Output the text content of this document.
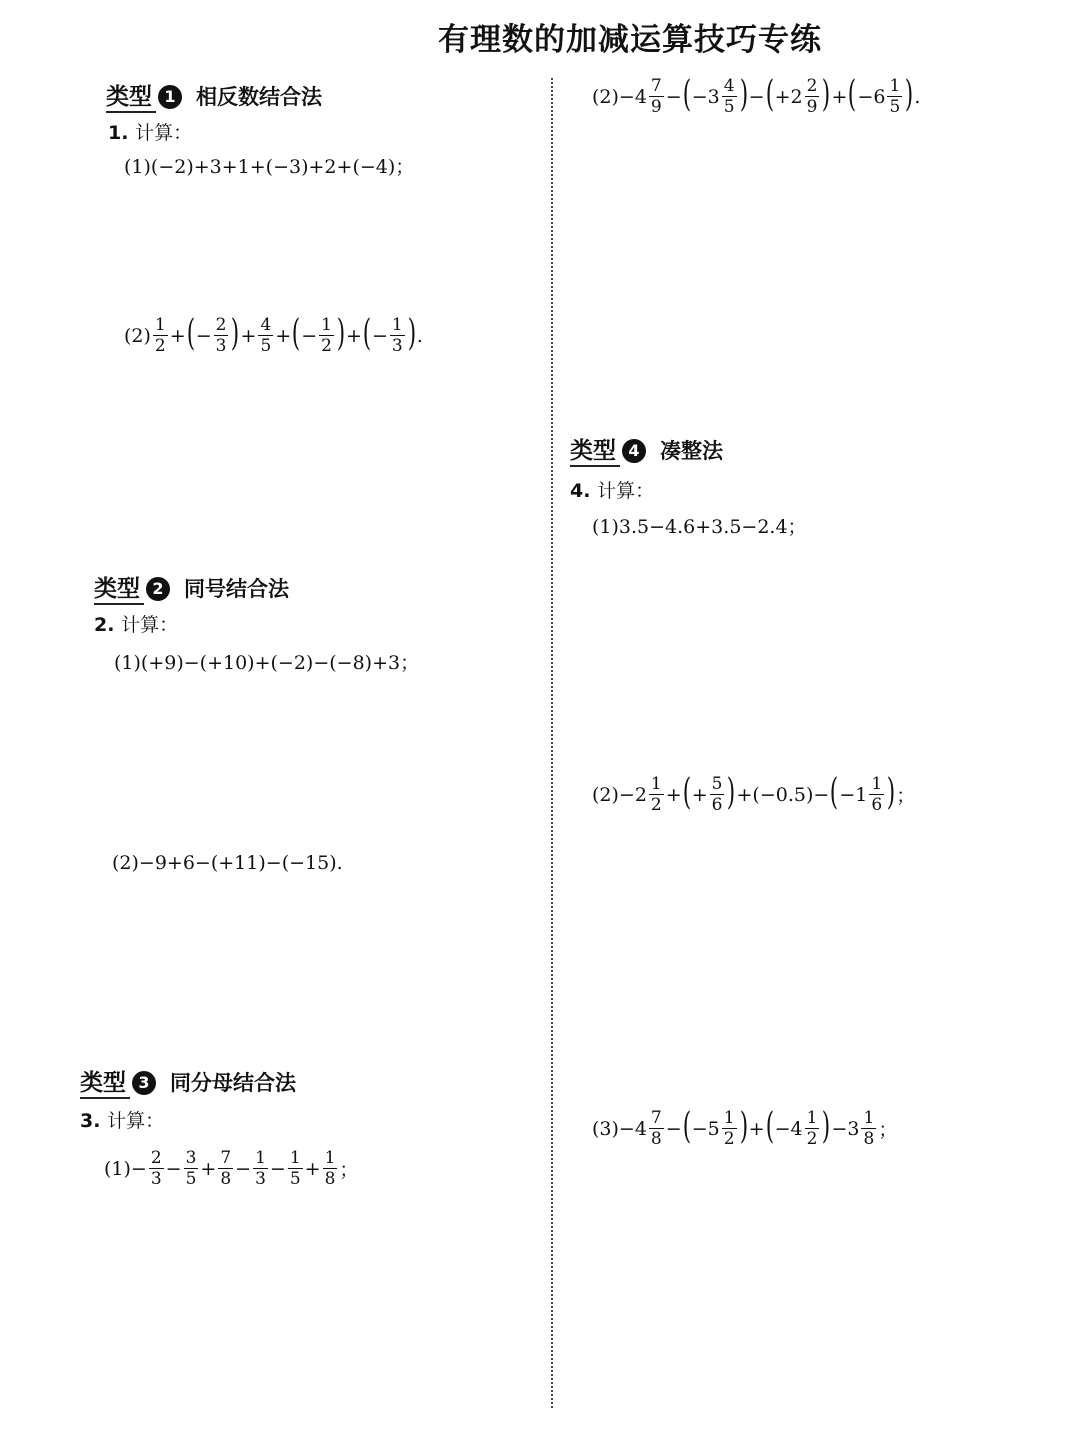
有理数的加减运算技巧专练
类型 1 相反数结合法
1. 计算：
(1)(−2)+3+1+(−3)+2+(−4)；
$(2) \frac{1}{2}$ + ( − $\frac{2}{3}$ ) + $\frac{4}{5}$ + ( − $\frac{1}{2}$ ) + ( − $\frac{1}{3}$ ) .
$(2)-4 \frac{7}{9}$ − ( $-3 \frac{4}{5}$ ) − ( $+2 \frac{2}{9}$ ) + ( $-6 \frac{1}{5}$ ) .
类型 2 同号结合法
2. 计算：
(1)(+9)−(+10)+(−2)−(−8)+3；
(2)−9+6−(+11)−(−15).
类型 3 同分母结合法
3. 计算：
$(1)- \frac{2}{3} - \frac{3}{5} + \frac{7}{8} - \frac{1}{3} - \frac{1}{5} + \frac{1}{8}$ ；
类型 4 凑整法
4. 计算：
(1)3.5−4.6+3.5−2.4；
$(2)-2 \frac{1}{2}$ + ( + $\frac{5}{6}$ ) +(−0.5)− ( $-1 \frac{1}{6}$ ) ；
$(3)-4 \frac{7}{8}$ − ( $-5 \frac{1}{2}$ ) + ( $-4 \frac{1}{2}$ ) $-3 \frac{1}{8}$ ；
